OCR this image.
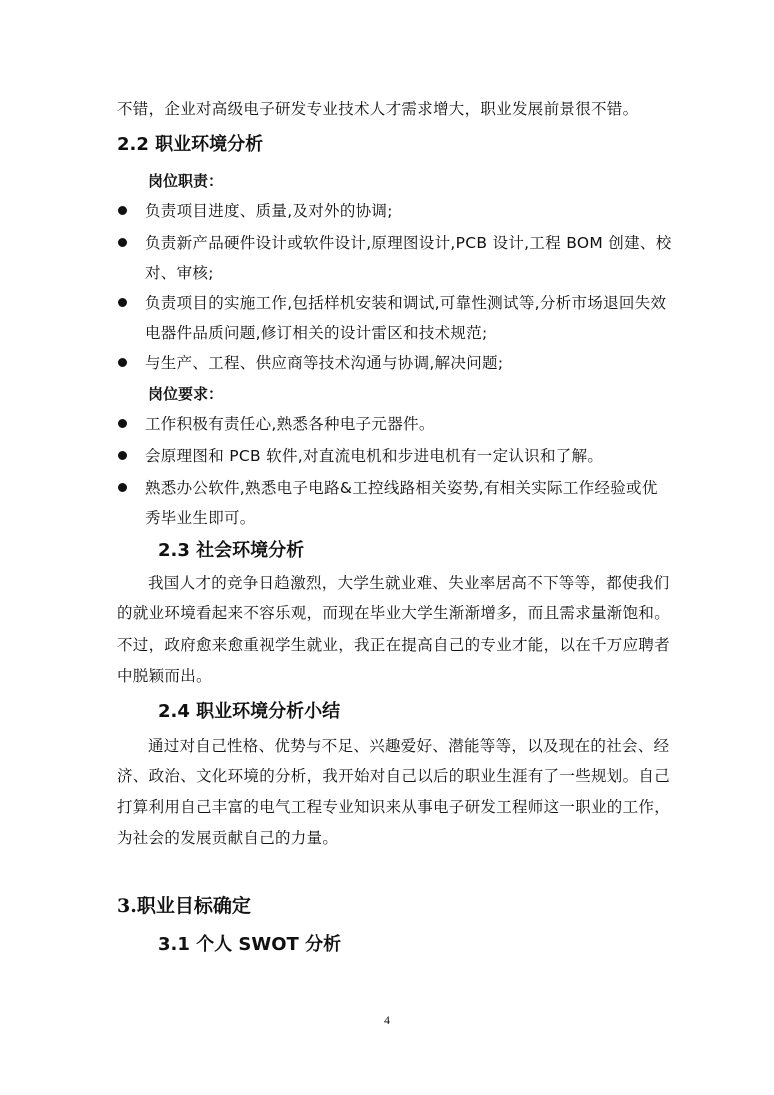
不错，企业对高级电子研发专业技术人才需求增大，职业发展前景很不错。
2.2 职业环境分析
岗位职责：
负责项目进度、质量,及对外的协调;
负责新产品硬件设计或软件设计,原理图设计,PCB 设计,工程 BOM 创建、校
对、审核;
负责项目的实施工作,包括样机安装和调试,可靠性测试等,分析市场退回失效
电器件品质问题,修订相关的设计雷区和技术规范;
与生产、工程、供应商等技术沟通与协调,解决问题;
岗位要求：
工作积极有责任心,熟悉各种电子元器件。
会原理图和 PCB 软件,对直流电机和步进电机有一定认识和了解。
熟悉办公软件,熟悉电子电路&工控线路相关姿势,有相关实际工作经验或优
秀毕业生即可。
2.3 社会环境分析
我国人才的竞争日趋激烈，大学生就业难、失业率居高不下等等，都使我们
的就业环境看起来不容乐观，而现在毕业大学生渐渐增多，而且需求量渐饱和。
不过，政府愈来愈重视学生就业，我正在提高自己的专业才能，以在千万应聘者
中脱颖而出。
2.4 职业环境分析小结
通过对自己性格、优势与不足、兴趣爱好、潜能等等，以及现在的社会、经
济、政治、文化环境的分析，我开始对自己以后的职业生涯有了一些规划。自己
打算利用自己丰富的电气工程专业知识来从事电子研发工程师这一职业的工作，
为社会的发展贡献自己的力量。
3.职业目标确定
3.1 个人 SWOT 分析
4
